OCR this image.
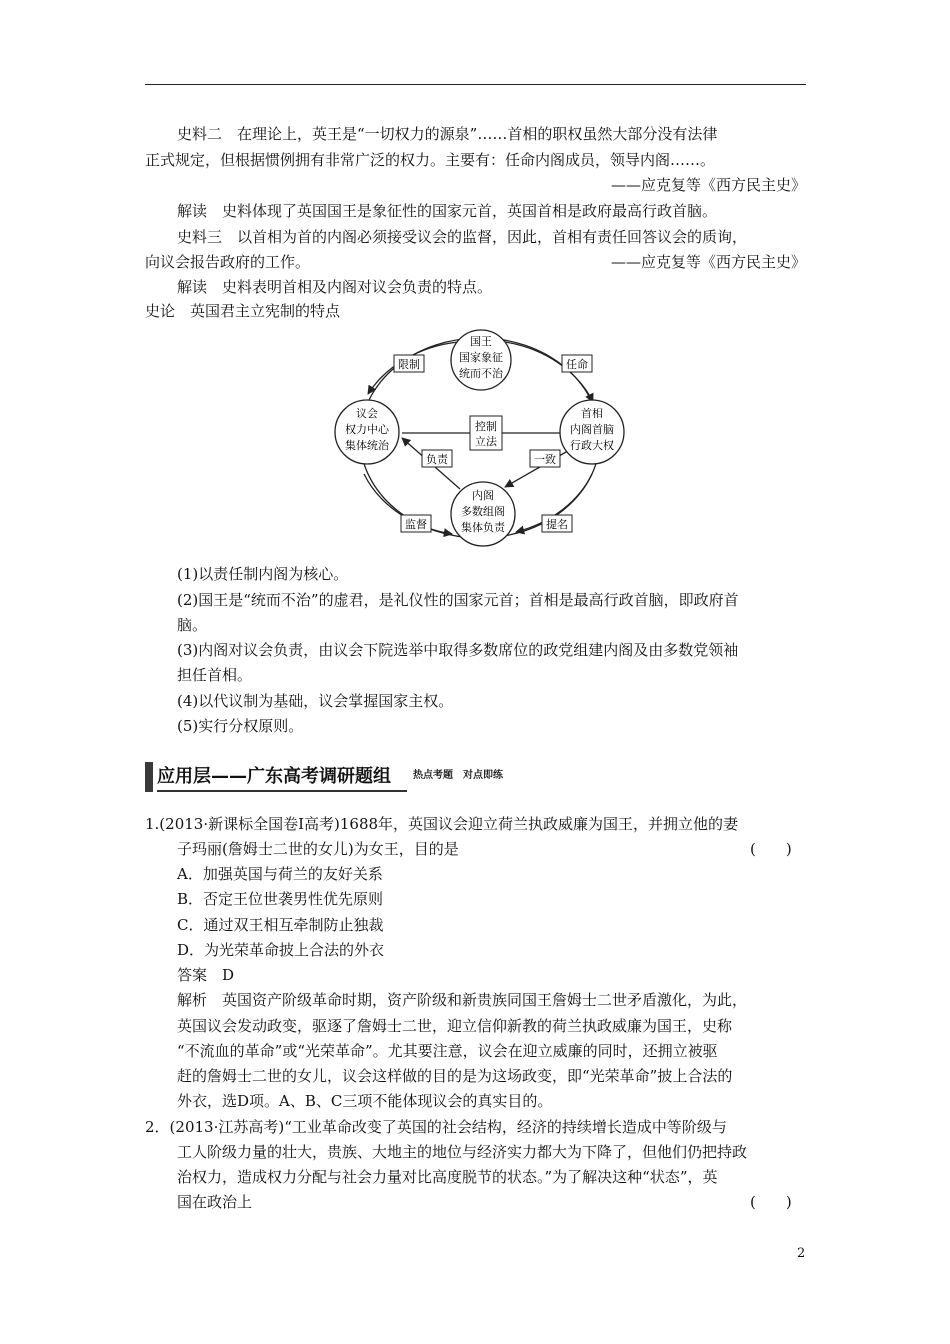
史料二　在理论上，英王是“一切权力的源泉”……首相的职权虽然大部分没有法律
正式规定，但根据惯例拥有非常广泛的权力。主要有：任命内阁成员，领导内阁……。
——应克复等《西方民主史》
解读　史料体现了英国国王是象征性的国家元首，英国首相是政府最高行政首脑。
史料三　以首相为首的内阁必须接受议会的监督，因此，首相有责任回答议会的质询，
向议会报告政府的工作。	——应克复等《西方民主史》
解读　史料表明首相及内阁对议会负责的特点。
史论　英国君主立宪制的特点
国王
国家象征
统而不治
议会
权力中心
集体统治
首相
内阁首脑
行政大权
内阁
多数组阁
集体负责
限制	任命
控制
立法
负责	一致
监督	提名
(1)以责任制内阁为核心。
(2)国王是“统而不治”的虚君，是礼仪性的国家元首；首相是最高行政首脑，即政府首
脑。
(3)内阁对议会负责，由议会下院选举中取得多数席位的政党组建内阁及由多数党领袖
担任首相。
(4)以代议制为基础，议会掌握国家主权。
(5)实行分权原则。
应用层——广东高考调研题组 热点考题　对点即练
1.(2013·新课标全国卷Ⅰ高考)1688年，英国议会迎立荷兰执政威廉为国王，并拥立他的妻
子玛丽(詹姆士二世的女儿)为女王，目的是	(　　)
A．加强英国与荷兰的友好关系
B．否定王位世袭男性优先原则
C．通过双王相互牵制防止独裁
D．为光荣革命披上合法的外衣
答案　D
解析　英国资产阶级革命时期，资产阶级和新贵族同国王詹姆士二世矛盾激化，为此，
英国议会发动政变，驱逐了詹姆士二世，迎立信仰新教的荷兰执政威廉为国王，史称
“不流血的革命”或“光荣革命”。尤其要注意，议会在迎立威廉的同时，还拥立被驱
赶的詹姆士二世的女儿，议会这样做的目的是为这场政变，即“光荣革命”披上合法的
外衣，选D项。A、B、C三项不能体现议会的真实目的。
2．(2013·江苏高考)“工业革命改变了英国的社会结构，经济的持续增长造成中等阶级与
工人阶级力量的壮大，贵族、大地主的地位与经济实力都大为下降了，但他们仍把持政
治权力，造成权力分配与社会力量对比高度脱节的状态。”为了解决这种“状态”，英
国在政治上	(　　)
2
